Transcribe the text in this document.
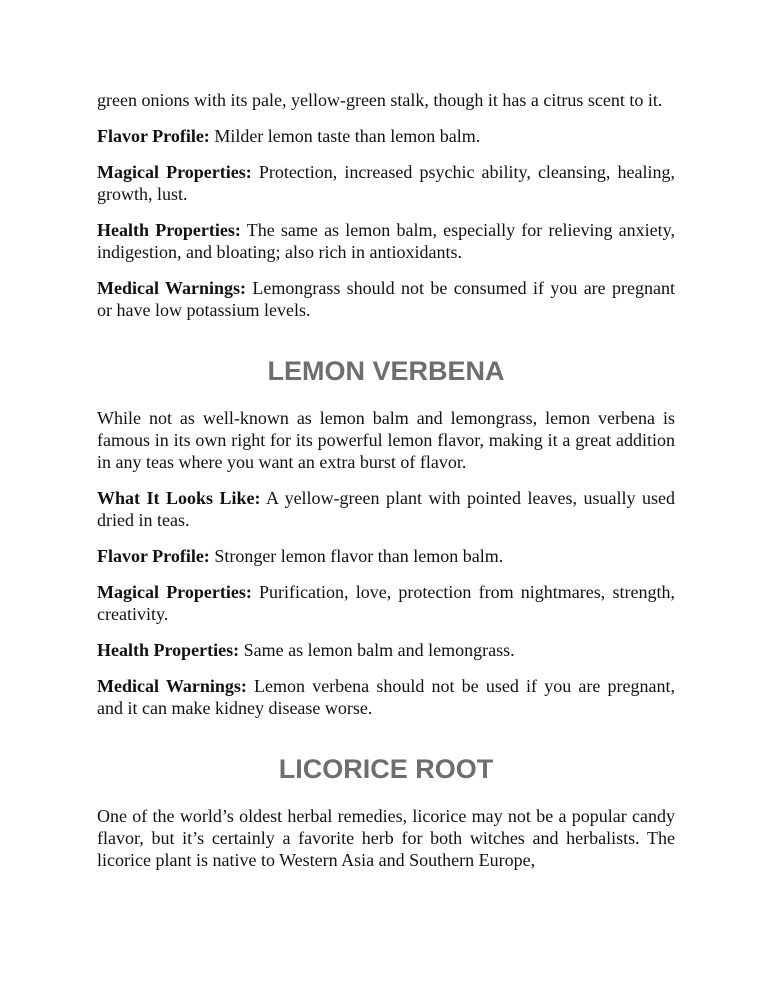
green onions with its pale, yellow-green stalk, though it has a citrus scent to it.

Flavor Profile: Milder lemon taste than lemon balm.

Magical Properties: Protection, increased psychic ability, cleansing, healing, growth, lust.

Health Properties: The same as lemon balm, especially for relieving anxiety, indigestion, and bloating; also rich in antioxidants.

Medical Warnings: Lemongrass should not be consumed if you are pregnant or have low potassium levels.

LEMON VERBENA

While not as well-known as lemon balm and lemongrass, lemon verbena is famous in its own right for its powerful lemon flavor, making it a great addition in any teas where you want an extra burst of flavor.

What It Looks Like: A yellow-green plant with pointed leaves, usually used dried in teas.

Flavor Profile: Stronger lemon flavor than lemon balm.

Magical Properties: Purification, love, protection from nightmares, strength, creativity.

Health Properties: Same as lemon balm and lemongrass.

Medical Warnings: Lemon verbena should not be used if you are pregnant, and it can make kidney disease worse.

LICORICE ROOT

One of the world’s oldest herbal remedies, licorice may not be a popular candy flavor, but it’s certainly a favorite herb for both witches and herbalists. The licorice plant is native to Western Asia and Southern Europe,
